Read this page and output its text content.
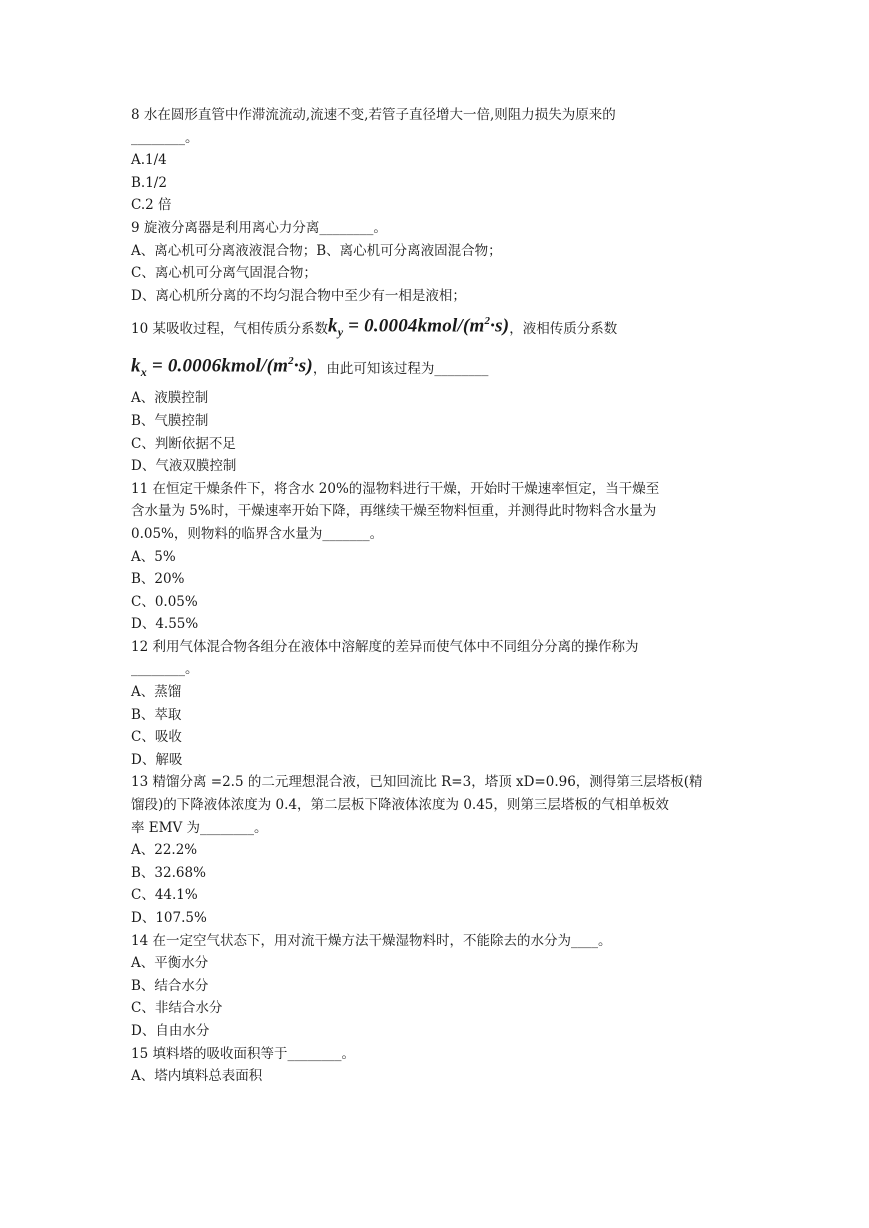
8 水在圆形直管中作滞流流动,流速不变,若管子直径增大一倍,则阻力损失为原来的
________。
A.1/4
B.1/2
C.2 倍
9 旋液分离器是利用离心力分离________。
A、离心机可分离液液混合物；B、离心机可分离液固混合物；
C、离心机可分离气固混合物；
D、离心机所分离的不均匀混合物中至少有一相是液相；
10 某吸收过程，气相传质分系数 $k_y$ = $0.0004kmol/(m^2\cdot s)$ ，液相传质分系数
$k_x$ = $0.0006kmol/(m^2\cdot s)$ ，由此可知该过程为________
A、液膜控制
B、气膜控制
C、判断依据不足
D、气液双膜控制
11 在恒定干燥条件下，将含水 20%的湿物料进行干燥，开始时干燥速率恒定，当干燥至
含水量为 5%时，干燥速率开始下降，再继续干燥至物料恒重，并测得此时物料含水量为
0.05%，则物料的临界含水量为_______。
A、5%
B、20%
C、0.05%
D、4.55%
12 利用气体混合物各组分在液体中溶解度的差异而使气体中不同组分分离的操作称为
________。
A、蒸馏
B、萃取
C、吸收
D、解吸
13 精馏分离 =2.5 的二元理想混合液，已知回流比 R=3，塔顶 xD=0.96，测得第三层塔板(精
馏段)的下降液体浓度为 0.4，第二层板下降液体浓度为 0.45，则第三层塔板的气相单板效
率 EMV 为________。
A、22.2%
B、32.68%
C、44.1%
D、107.5%
14 在一定空气状态下，用对流干燥方法干燥湿物料时，不能除去的水分为____。
A、平衡水分
B、结合水分
C、非结合水分
D、自由水分
15 填料塔的吸收面积等于________。
A、塔内填料总表面积
